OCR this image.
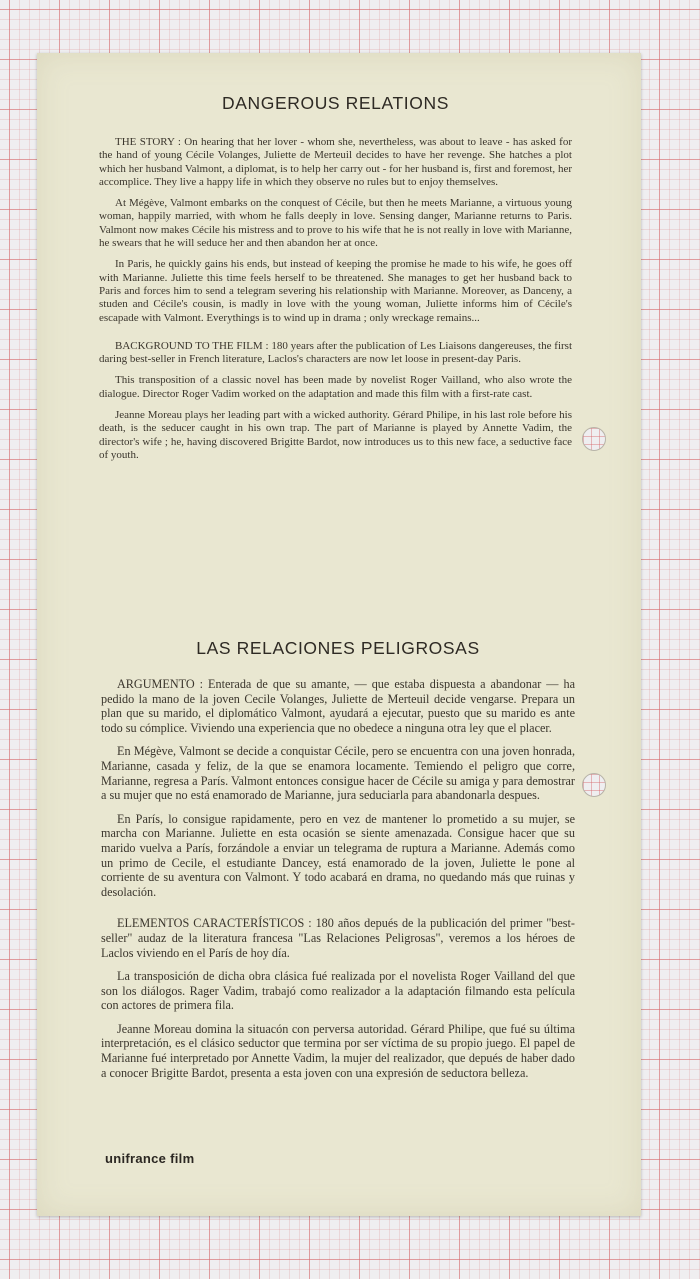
DANGEROUS RELATIONS

THE STORY : On hearing that her lover - whom she, nevertheless, was about to leave - has asked for the hand of young Cécile Volanges, Juliette de Merteuil decides to have her revenge. She hatches a plot which her husband Valmont, a diplomat, is to help her carry out - for her husband is, first and foremost, her accomplice. They live a happy life in which they observe no rules but to enjoy themselves.

At Mégève, Valmont embarks on the conquest of Cécile, but then he meets Marianne, a virtuous young woman, happily married, with whom he falls deeply in love. Sensing danger, Marianne returns to Paris. Valmont now makes Cécile his mistress and to prove to his wife that he is not really in love with Marianne, he swears that he will seduce her and then abandon her at once.

In Paris, he quickly gains his ends, but instead of keeping the promise he made to his wife, he goes off with Marianne. Juliette this time feels herself to be threatened. She manages to get her husband back to Paris and forces him to send a telegram severing his relationship with Marianne. Moreover, as Danceny, a studen and Cécile's cousin, is madly in love with the young woman, Juliette informs him of Cécile's escapade with Valmont. Everythings is to wind up in drama ; only wreckage remains...

BACKGROUND TO THE FILM : 180 years after the publication of Les Liaisons dangereuses, the first daring best-seller in French literature, Laclos's characters are now let loose in present-day Paris.

This transposition of a classic novel has been made by novelist Roger Vailland, who also wrote the dialogue. Director Roger Vadim worked on the adaptation and made this film with a first-rate cast.

Jeanne Moreau plays her leading part with a wicked authority. Gérard Philipe, in his last role before his death, is the seducer caught in his own trap. The part of Marianne is played by Annette Vadim, the director's wife ; he, having discovered Brigitte Bardot, now introduces us to this new face, a seductive face of youth.

LAS RELACIONES PELIGROSAS

ARGUMENTO : Enterada de que su amante, — que estaba dispuesta a abandonar — ha pedido la mano de la joven Cecile Volanges, Juliette de Merteuil decide vengarse. Prepara un plan que su marido, el diplomático Valmont, ayudará a ejecutar, puesto que su marido es ante todo su cómplice. Viviendo una experiencia que no obedece a ninguna otra ley que el placer.

En Mégève, Valmont se decide a conquistar Cécile, pero se encuentra con una joven honrada, Marianne, casada y feliz, de la que se enamora locamente. Temiendo el peligro que corre, Marianne, regresa a París. Valmont entonces consigue hacer de Cécile su amiga y para demostrar a su mujer que no está enamorado de Marianne, jura seduciarla para abandonarla despues.

En París, lo consigue rapidamente, pero en vez de mantener lo prometido a su mujer, se marcha con Marianne. Juliette en esta ocasión se siente amenazada. Consigue hacer que su marido vuelva a París, forzándole a enviar un telegrama de ruptura a Marianne. Además como un primo de Cecile, el estudiante Dancey, está enamorado de la joven, Juliette le pone al corriente de su aventura con Valmont. Y todo acabará en drama, no quedando más que ruinas y desolación.

ELEMENTOS CARACTERÍSTICOS : 180 años depués de la publicación del primer "best-seller" audaz de la literatura francesa "Las Relaciones Peligrosas", veremos a los héroes de Laclos viviendo en el París de hoy día.

La transposición de dicha obra clásica fué realizada por el novelista Roger Vailland del que son los diálogos. Rager Vadim, trabajó como realizador a la adaptación filmando esta película con actores de primera fila.

Jeanne Moreau domina la situacón con perversa autoridad. Gérard Philipe, que fué su última interpretación, es el clásico seductor que termina por ser víctima de su propio juego. El papel de Marianne fué interpretado por Annette Vadim, la mujer del realizador, que depués de haber dado a conocer Brigitte Bardot, presenta a esta joven con una expresión de seductora belleza.

unifrance film
